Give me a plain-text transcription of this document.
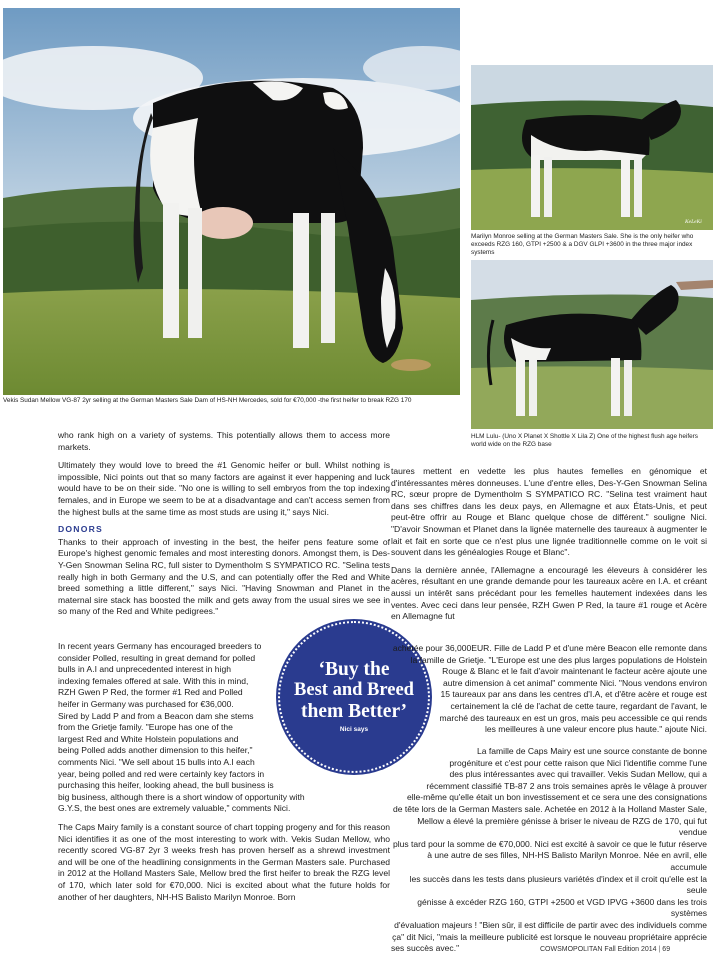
Vekis Sudan Mellow VG-87 2yr selling at the German Masters Sale Dam of HS-NH Mercedes, sold for €70,000 -the first heifer to break RZG 170
KeLeKi
Marilyn Monroe selling at the German Masters Sale. She is the only heifer who exceeds RZG 160, GTPI +2500 & a DGV GLPI +3600 in the three major index systems
HLM Lulu- (Uno X Planet X Shottle X Lila Z) One of the highest flush age heifers world wide on the RZG base

who rank high on a variety of systems. This potentially allows them to access more markets.

Ultimately they would love to breed the #1 Genomic heifer or bull. Whilst nothing is impossible, Nici points out that so many factors are against it ever happening and luck would have to be on their side. "No one is willing to sell embryos from the top indexing females, and in Europe we seem to be at a disadvantage and can't access semen from the highest bulls at the same time as most studs are using it," says Nici.

DONORS

Thanks to their approach of investing in the best, the heifer pens feature some of Europe's highest genomic females and most interesting donors. Amongst them, is Des-Y-Gen Snowman Selina RC, full sister to Dymentholm S SYMPATICO RC. "Selina tests really high in both Germany and the U.S, and can potentially offer the Red and White breed something a little different," says Nici. "Having Snowman and Planet in the maternal sire stack has boosted the milk and gets away from the usual sires we see in so many of the Red and White pedigrees."

In recent years Germany has encouraged breeders to
consider Polled, resulting in great demand for polled
bulls in A.I and unprecedented interest in high
indexing females offered at sale. With this in mind,
RZH Gwen P Red, the former #1 Red and Polled
heifer in Germany was purchased for €36,000.
Sired by Ladd P and from a Beacon dam she stems
from the Grietje family. "Europe has one of the
largest Red and White Holstein populations and
being Polled adds another dimension to this heifer,"
comments Nici. "We sell about 15 bulls into A.I each
year, being polled and red were certainly key factors in
purchasing this heifer, looking ahead, the bull business is
big business, although there is a short window of opportunity with
G.Y.S, the best ones are extremely valuable," comments Nici.

The Caps Mairy family is a constant source of chart topping progeny and for this reason Nici identifies it as one of the most interesting to work with. Vekis Sudan Mellow, who recently scored VG-87 2yr 3 weeks fresh has proven herself as a shrewd investment and will be one of the headlining consignments in the German Masters sale. Purchased in 2012 at the Holland Masters Sale, Mellow bred the first heifer to break the RZG level of 170, which later sold for €70,000. Nici is excited about what the future holds for another of her daughters, NH-HS Balisto Marilyn Monroe. Born

‘Buy the
Best and Breed
them Better’
Nici says

taures mettent en vedette les plus hautes femelles en génomique et d'intéressantes mères donneuses. L'une d'entre elles, Des-Y-Gen Snowman Selina RC, sœur propre de Dymentholm S SYMPATICO RC. "Selina test vraiment haut dans ses chiffres dans les deux pays, en Allemagne et aux États-Unis, et peut peut-être offrir au Rouge et Blanc quelque chose de différent." souligne Nici. "D'avoir Snowman et Planet dans la lignée maternelle des taureaux à augmenter le lait et fait en sorte que ce n'est plus une lignée traditionnelle comme on le voit si souvent dans les généalogies Rouge et Blanc".

Dans la dernière année, l'Allemagne a encouragé les éleveurs à considérer les acères, résultant en une grande demande pour les taureaux acère en I.A. et créant aussi un intérêt sans précédant pour les femelles hautement indexées dans les ventes. Avec ceci dans leur pensée, RZH Gwen P Red, la taure #1 rouge et Acère en Allemagne fut

achetée pour 36,000EUR. Fille de Ladd P et d'une mère Beacon elle remonte dans
la famille de Grietje. "L'Europe est une des plus larges populations de Holstein
Rouge & Blanc et le fait d'avoir maintenant le facteur acère ajoute une
autre dimension à cet animal" commente Nici. "Nous vendons environ
15 taureaux par ans dans les centres d'I.A, et d'être acère et rouge est
certainement la clé de l'achat de cette taure, regardant de l'avant, le
marché des taureaux en est un gros, mais peu accessible ce qui rends
les meilleures à une valeur encore plus haute." ajoute Nici.
La famille de Caps Mairy est une source constante de bonne
progéniture et c'est pour cette raison que Nici l'identifie comme l'une
des plus intéressantes avec qui travailler. Vekis Sudan Mellow, qui a
récemment classifié TB-87 2 ans trois semaines après le vêlage à prouver
elle-même qu'elle était un bon investissement et ce sera une des consignations
de tête lors de la German Masters sale. Achetée en 2012 à la Holland Master Sale,
Mellow a élevé la première génisse à briser le niveau de RZG de 170, qui fut vendue
plus tard pour la somme de €70,000. Nici est excité à savoir ce que le futur réserve
à une autre de ses filles, NH-HS Balisto Marilyn Monroe. Née en avril, elle accumule
les succès dans les tests dans plusieurs variétés d'index et il croit qu'elle est la seule
génisse à excéder RZG 160, GTPI +2500 et VGD IPVG +3600 dans les trois systèmes
d'évaluation majeurs ! "Bien sûr, il est difficile de partir avec des individuels comme
ça" dit Nici, "mais la meilleure publicité est lorsque le nouveau propriétaire apprécie
ses succès avec."	COWSMOPOLITAN Fall Edition 2014 | 69
